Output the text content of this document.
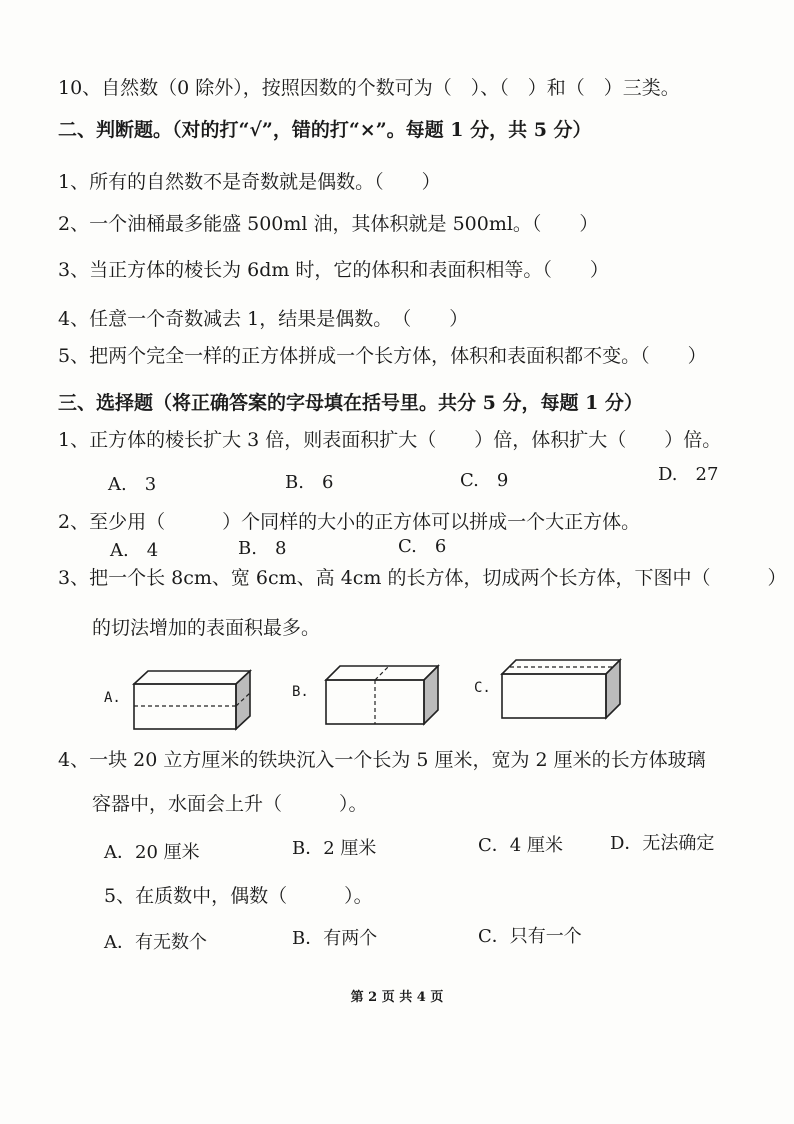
10、自然数（0 除外），按照因数的个数可为（　）、（　）和（　）三类。
二、判断题。（对的打“√”，错的打“×”。每题 1 分，共 5 分）
1、所有的自然数不是奇数就是偶数。（　　）
2、一个油桶最多能盛 500ml 油，其体积就是 500ml。（　　）
3、当正方体的棱长为 6dm 时，它的体积和表面积相等。（　　）
4、任意一个奇数减去 1，结果是偶数。　（　　）
5、把两个完全一样的正方体拼成一个长方体，体积和表面积都不变。（　　）
三、选择题（将正确答案的字母填在括号里。共分 5 分，每题 1 分）
1、正方体的棱长扩大 3 倍，则表面积扩大（　　）倍，体积扩大（　　）倍。
A.　3	B.　6	C.　9	D.　27
2、至少用（　　　）个同样的大小的正方体可以拼成一个大正方体。
A.　4	B.　8	C.　6
3、把一个长 8cm、宽 6cm、高 4cm 的长方体，切成两个长方体，下图中（　　　）
的切法增加的表面积最多。
A.	B.	C.
4、一块 20 立方厘米的铁块沉入一个长为 5 厘米，宽为 2 厘米的长方体玻璃
容器中，水面会上升（　　　）。
A．20 厘米	B．2 厘米	C．4 厘米	D．无法确定
5、在质数中，偶数（　　　）。
A．有无数个	B．有两个	C．只有一个
第 2 页 共 4 页
